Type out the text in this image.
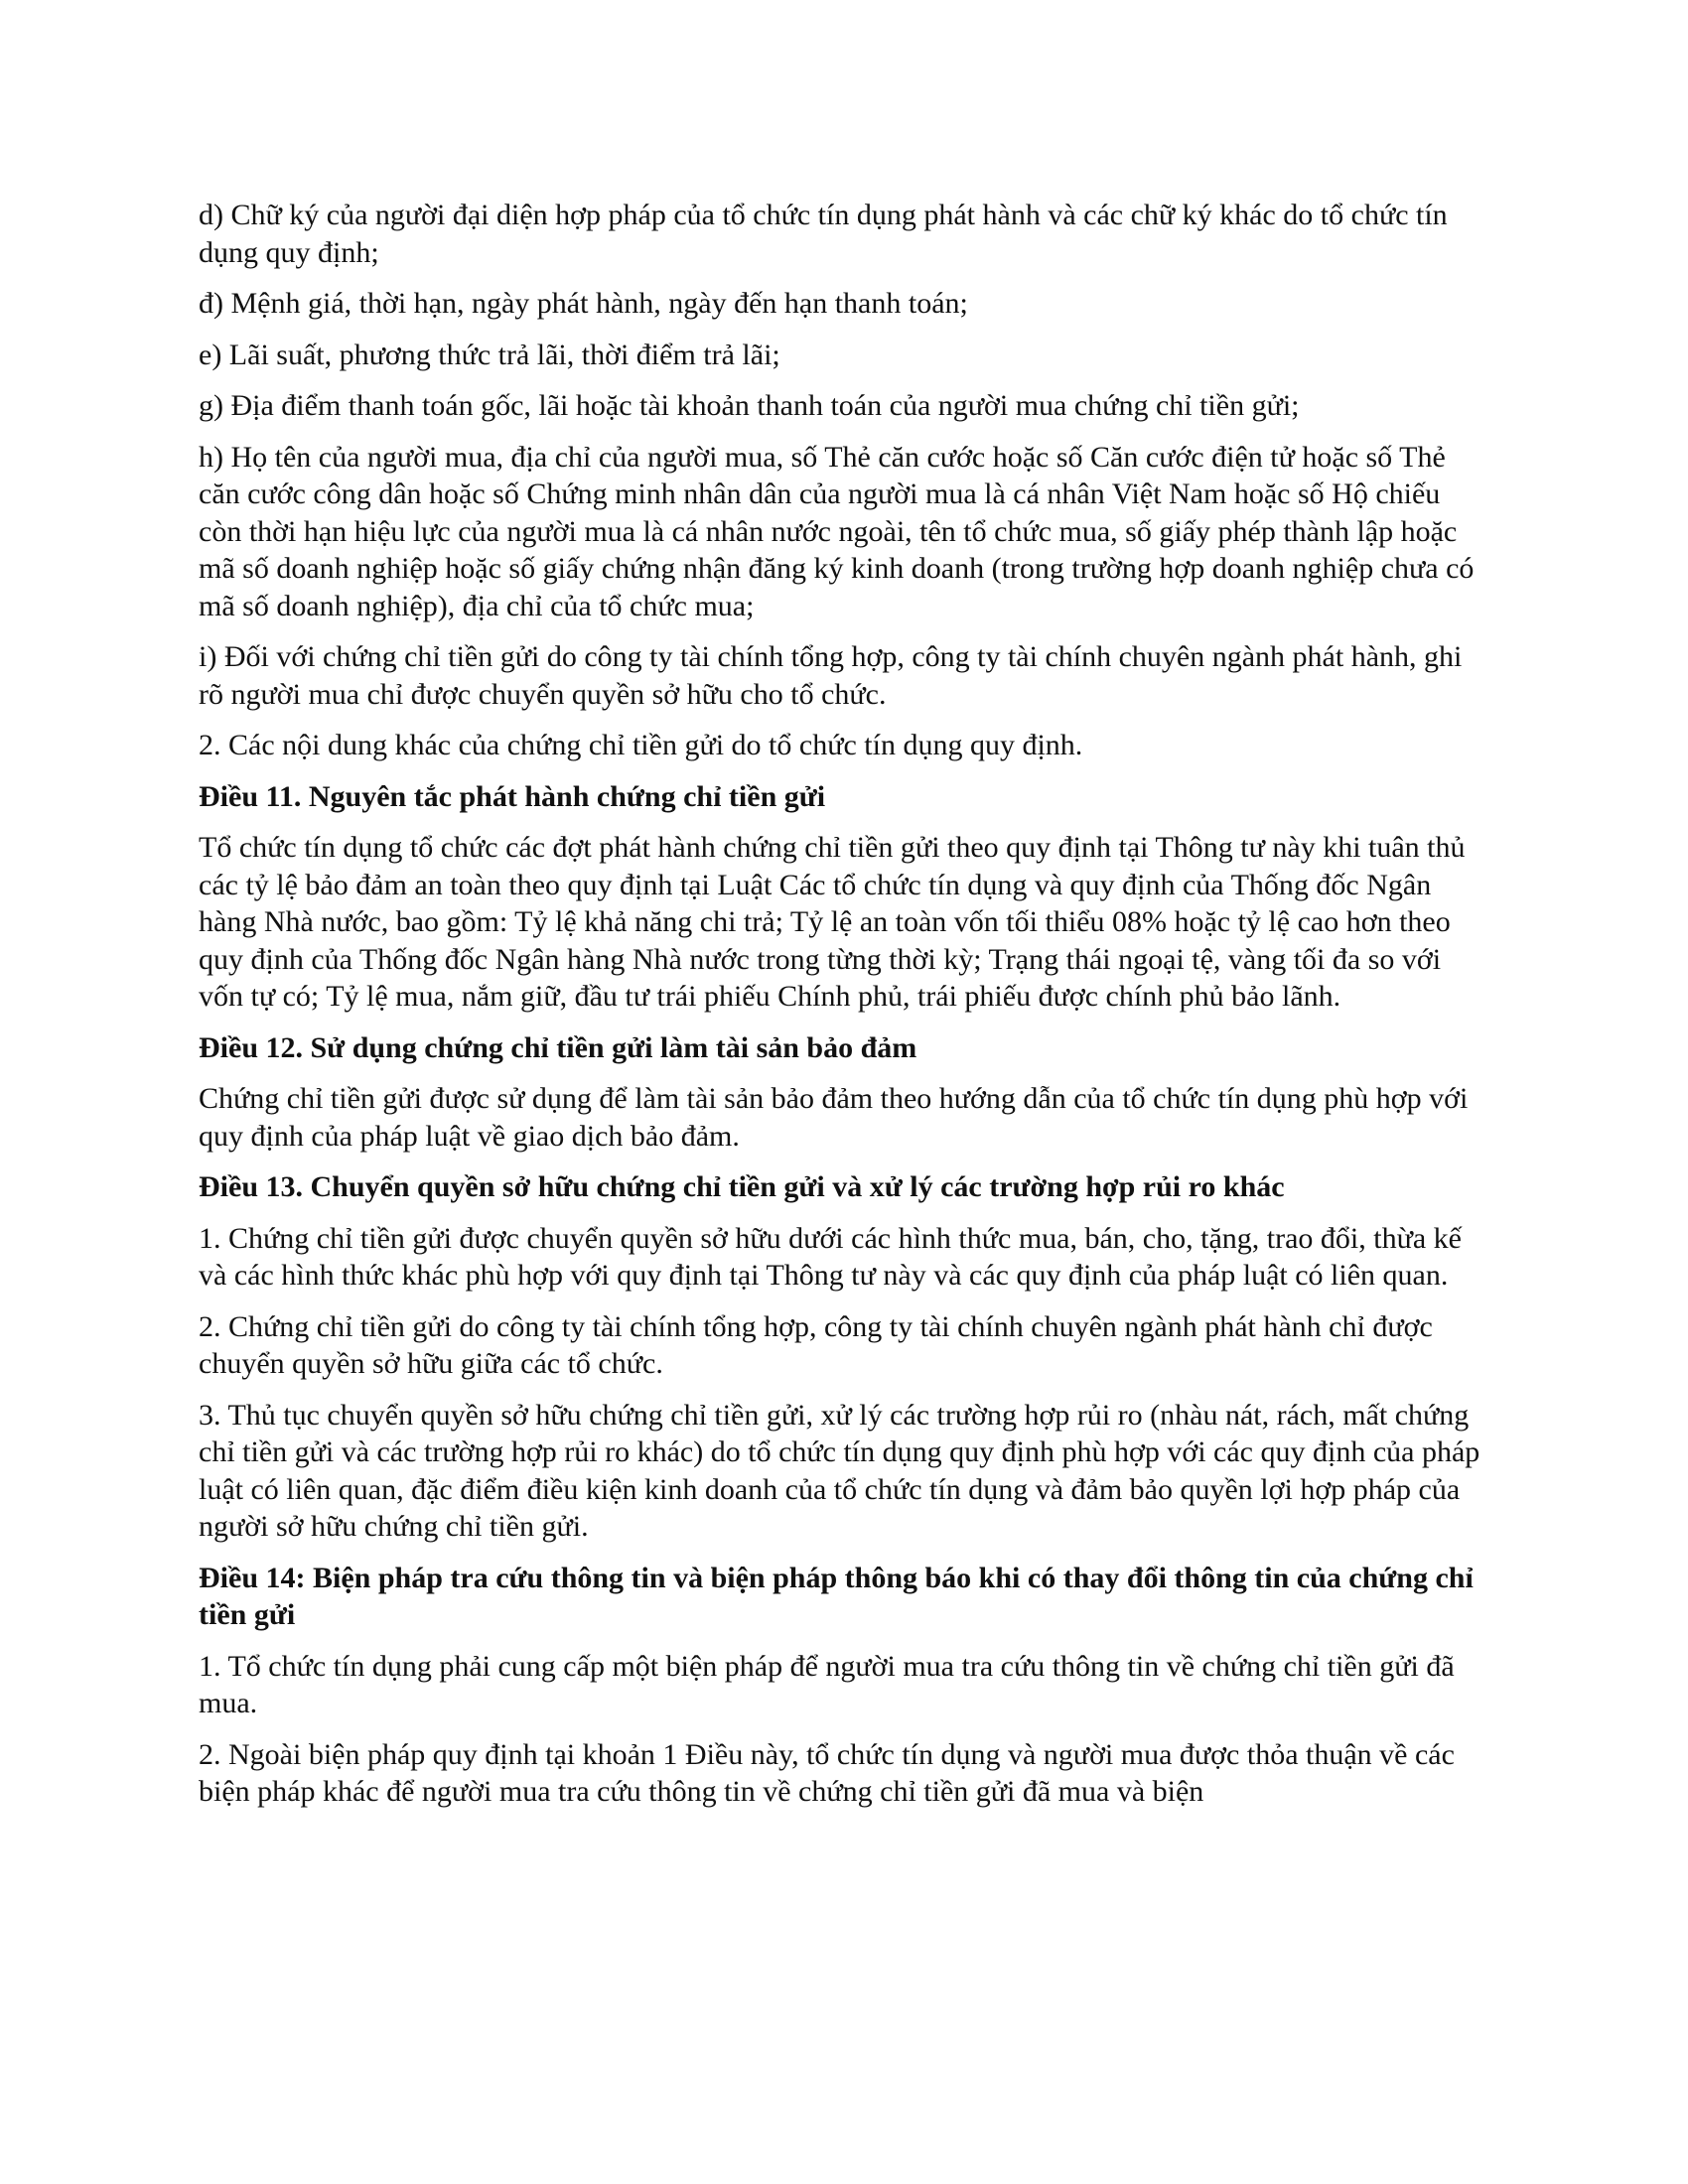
d) Chữ ký của người đại diện hợp pháp của tổ chức tín dụng phát hành và các chữ ký khác do tổ chức tín dụng quy định;

đ) Mệnh giá, thời hạn, ngày phát hành, ngày đến hạn thanh toán;

e) Lãi suất, phương thức trả lãi, thời điểm trả lãi;

g) Địa điểm thanh toán gốc, lãi hoặc tài khoản thanh toán của người mua chứng chỉ tiền gửi;

h) Họ tên của người mua, địa chỉ của người mua, số Thẻ căn cước hoặc số Căn cước điện tử hoặc số Thẻ căn cước công dân hoặc số Chứng minh nhân dân của người mua là cá nhân Việt Nam hoặc số Hộ chiếu còn thời hạn hiệu lực của người mua là cá nhân nước ngoài, tên tổ chức mua, số giấy phép thành lập hoặc mã số doanh nghiệp hoặc số giấy chứng nhận đăng ký kinh doanh (trong trường hợp doanh nghiệp chưa có mã số doanh nghiệp), địa chỉ của tổ chức mua;

i) Đối với chứng chỉ tiền gửi do công ty tài chính tổng hợp, công ty tài chính chuyên ngành phát hành, ghi rõ người mua chỉ được chuyển quyền sở hữu cho tổ chức.

2. Các nội dung khác của chứng chỉ tiền gửi do tổ chức tín dụng quy định.

Điều 11. Nguyên tắc phát hành chứng chỉ tiền gửi

Tổ chức tín dụng tổ chức các đợt phát hành chứng chỉ tiền gửi theo quy định tại Thông tư này khi tuân thủ các tỷ lệ bảo đảm an toàn theo quy định tại Luật Các tổ chức tín dụng và quy định của Thống đốc Ngân hàng Nhà nước, bao gồm: Tỷ lệ khả năng chi trả; Tỷ lệ an toàn vốn tối thiểu 08% hoặc tỷ lệ cao hơn theo quy định của Thống đốc Ngân hàng Nhà nước trong từng thời kỳ; Trạng thái ngoại tệ, vàng tối đa so với vốn tự có; Tỷ lệ mua, nắm giữ, đầu tư trái phiếu Chính phủ, trái phiếu được chính phủ bảo lãnh.

Điều 12. Sử dụng chứng chỉ tiền gửi làm tài sản bảo đảm

Chứng chỉ tiền gửi được sử dụng để làm tài sản bảo đảm theo hướng dẫn của tổ chức tín dụng phù hợp với quy định của pháp luật về giao dịch bảo đảm.

Điều 13. Chuyển quyền sở hữu chứng chỉ tiền gửi và xử lý các trường hợp rủi ro khác

1. Chứng chỉ tiền gửi được chuyển quyền sở hữu dưới các hình thức mua, bán, cho, tặng, trao đổi, thừa kế và các hình thức khác phù hợp với quy định tại Thông tư này và các quy định của pháp luật có liên quan.

2. Chứng chỉ tiền gửi do công ty tài chính tổng hợp, công ty tài chính chuyên ngành phát hành chỉ được chuyển quyền sở hữu giữa các tổ chức.

3. Thủ tục chuyển quyền sở hữu chứng chỉ tiền gửi, xử lý các trường hợp rủi ro (nhàu nát, rách, mất chứng chỉ tiền gửi và các trường hợp rủi ro khác) do tổ chức tín dụng quy định phù hợp với các quy định của pháp luật có liên quan, đặc điểm điều kiện kinh doanh của tổ chức tín dụng và đảm bảo quyền lợi hợp pháp của người sở hữu chứng chỉ tiền gửi.

Điều 14: Biện pháp tra cứu thông tin và biện pháp thông báo khi có thay đổi thông tin của chứng chỉ tiền gửi

1. Tổ chức tín dụng phải cung cấp một biện pháp để người mua tra cứu thông tin về chứng chỉ tiền gửi đã mua.

2. Ngoài biện pháp quy định tại khoản 1 Điều này, tổ chức tín dụng và người mua được thỏa thuận về các biện pháp khác để người mua tra cứu thông tin về chứng chỉ tiền gửi đã mua và biện
